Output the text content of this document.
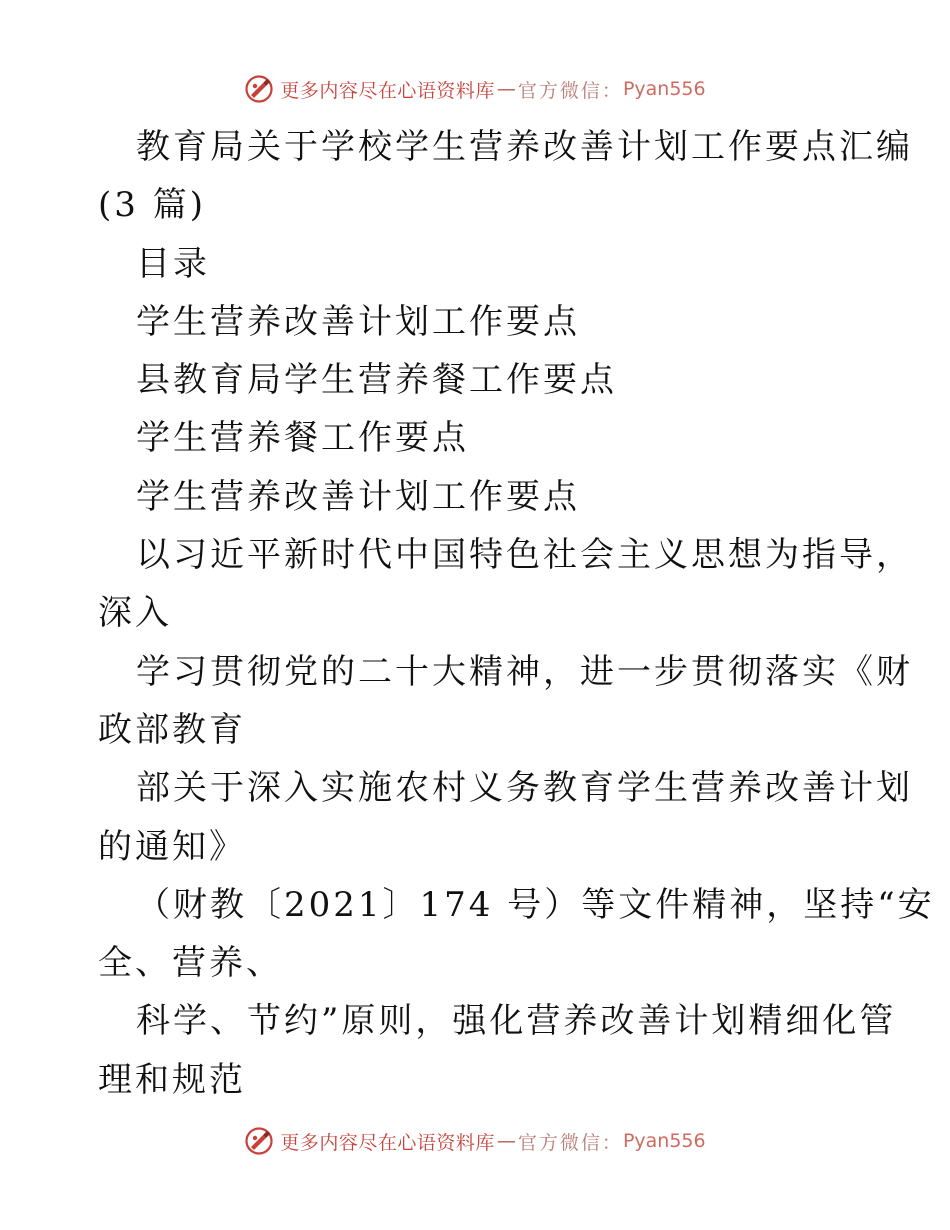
更多内容尽在心语资料库 — 官方微信： Pyan556
教育局关于学校学生营养改善计划工作要点汇编
(3 篇)
目录
学生营养改善计划工作要点
县教育局学生营养餐工作要点
学生营养餐工作要点
学生营养改善计划工作要点
以习近平新时代中国特色社会主义思想为指导，
深入
学习贯彻党的二十大精神，进一步贯彻落实《财
政部教育
部关于深入实施农村义务教育学生营养改善计划
的通知》
（财教〔2021〕174 号）等文件精神，坚持“安
全、营养、
科学、节约”原则，强化营养改善计划精细化管
理和规范
更多内容尽在心语资料库 — 官方微信： Pyan556
